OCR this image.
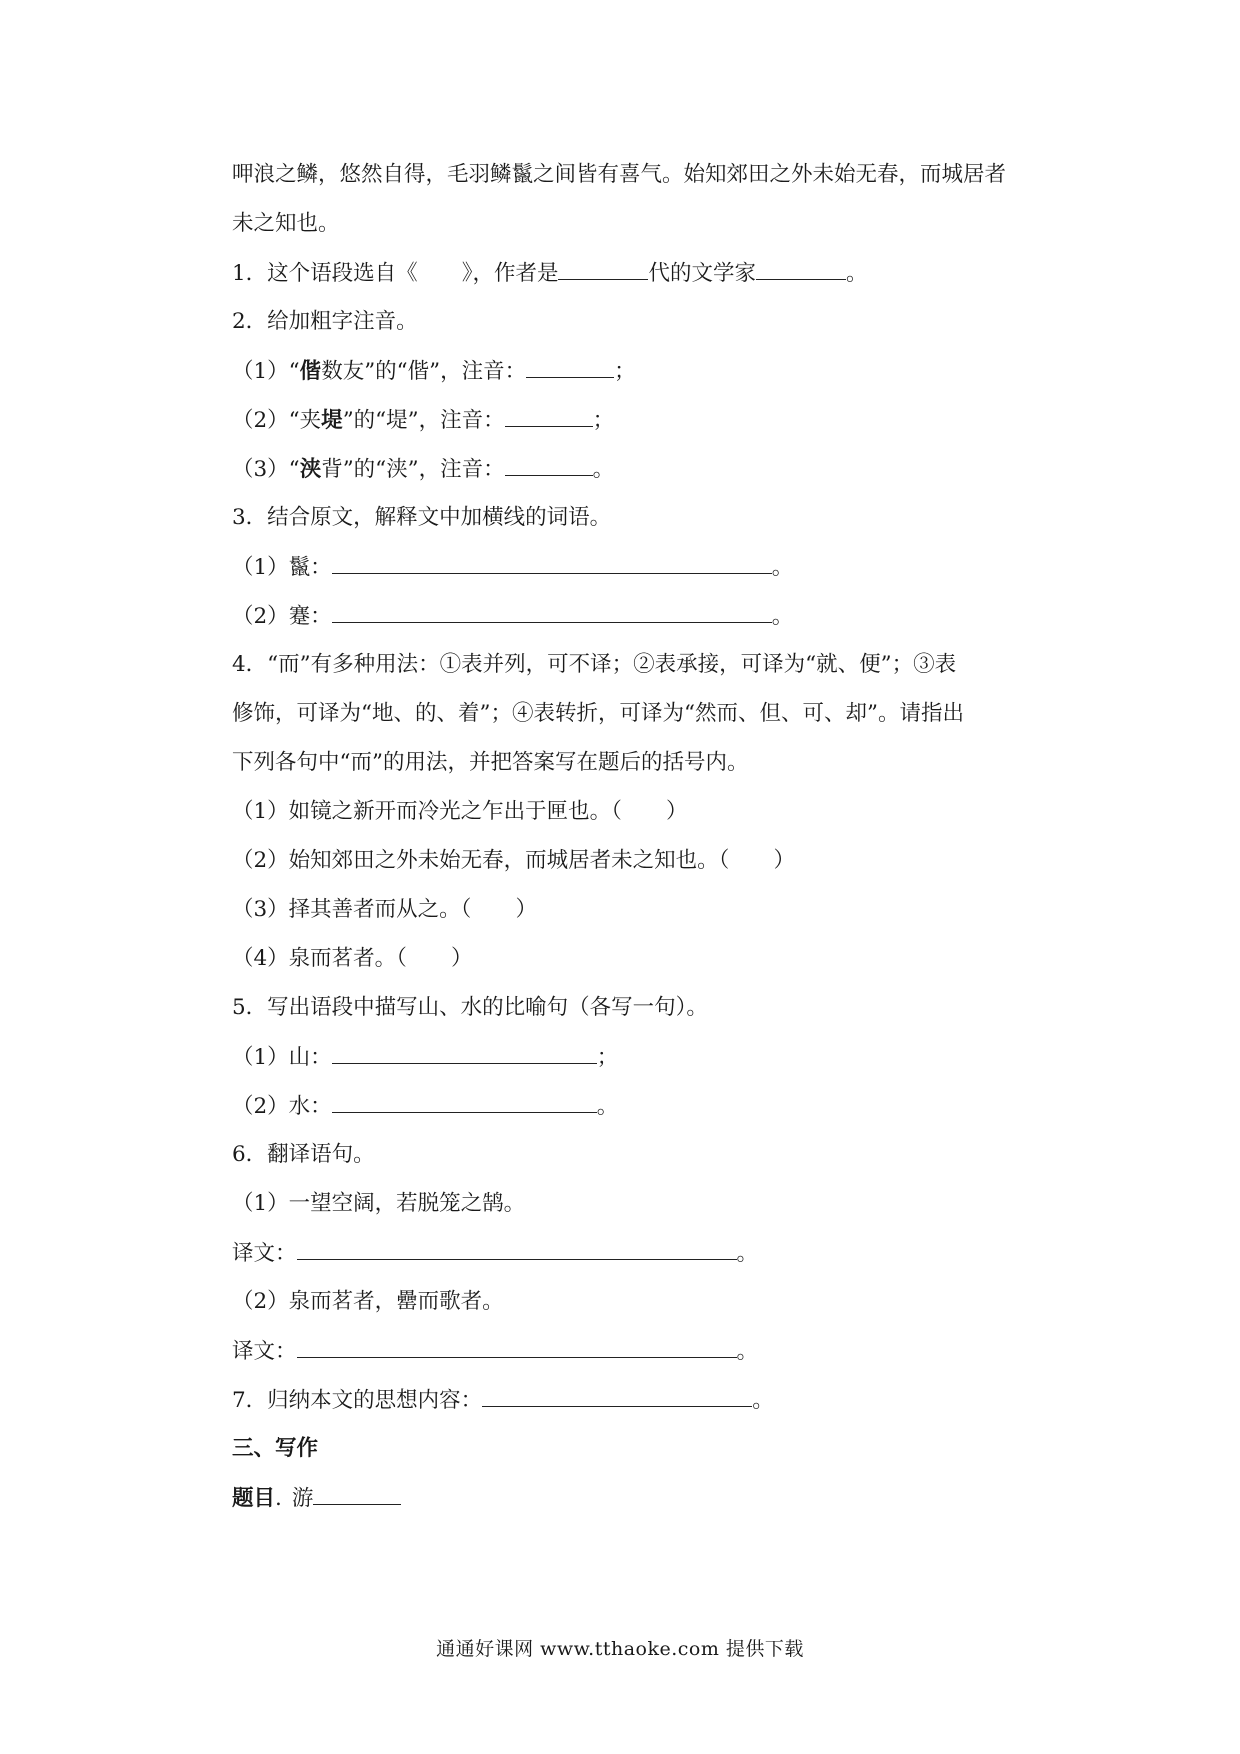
呷浪之鳞，悠然自得，毛羽鳞鬣之间皆有喜气。始知郊田之外未始无春，而城居者
未之知也。
1．这个语段选自《 》，作者是	代的文学家	。
2．给加粗字注音。
（1）“偕数友”的“偕”，注音：	；
（2）“夹堤”的“堤”，注音：	；
（3）“浃背”的“浃”，注音：	。
3．结合原文，解释文中加横线的词语。
（1）鬣：	。
（2）蹇：	。
4．“而”有多种用法：①表并列，可不译；②表承接，可译为“就、便”；③表
修饰，可译为“地、的、着”；④表转折，可译为“然而、但、可、却”。请指出
下列各句中“而”的用法，并把答案写在题后的括号内。
（1）如镜之新开而冷光之乍出于匣也。（ ）
（2）始知郊田之外未始无春，而城居者未之知也。（ ）
（3）择其善者而从之。（ ）
（4）泉而茗者。（ ）
5．写出语段中描写山、水的比喻句（各写一句）。
（1）山：	；
（2）水：	。
6．翻译语句。
（1）一望空阔，若脱笼之鹄。
译文：	。
（2）泉而茗者，罍而歌者。
译文：	。
7．归纳本文的思想内容：	。
三、写作
题目. 游
通通好课网 www.tthaoke.com 提供下载
